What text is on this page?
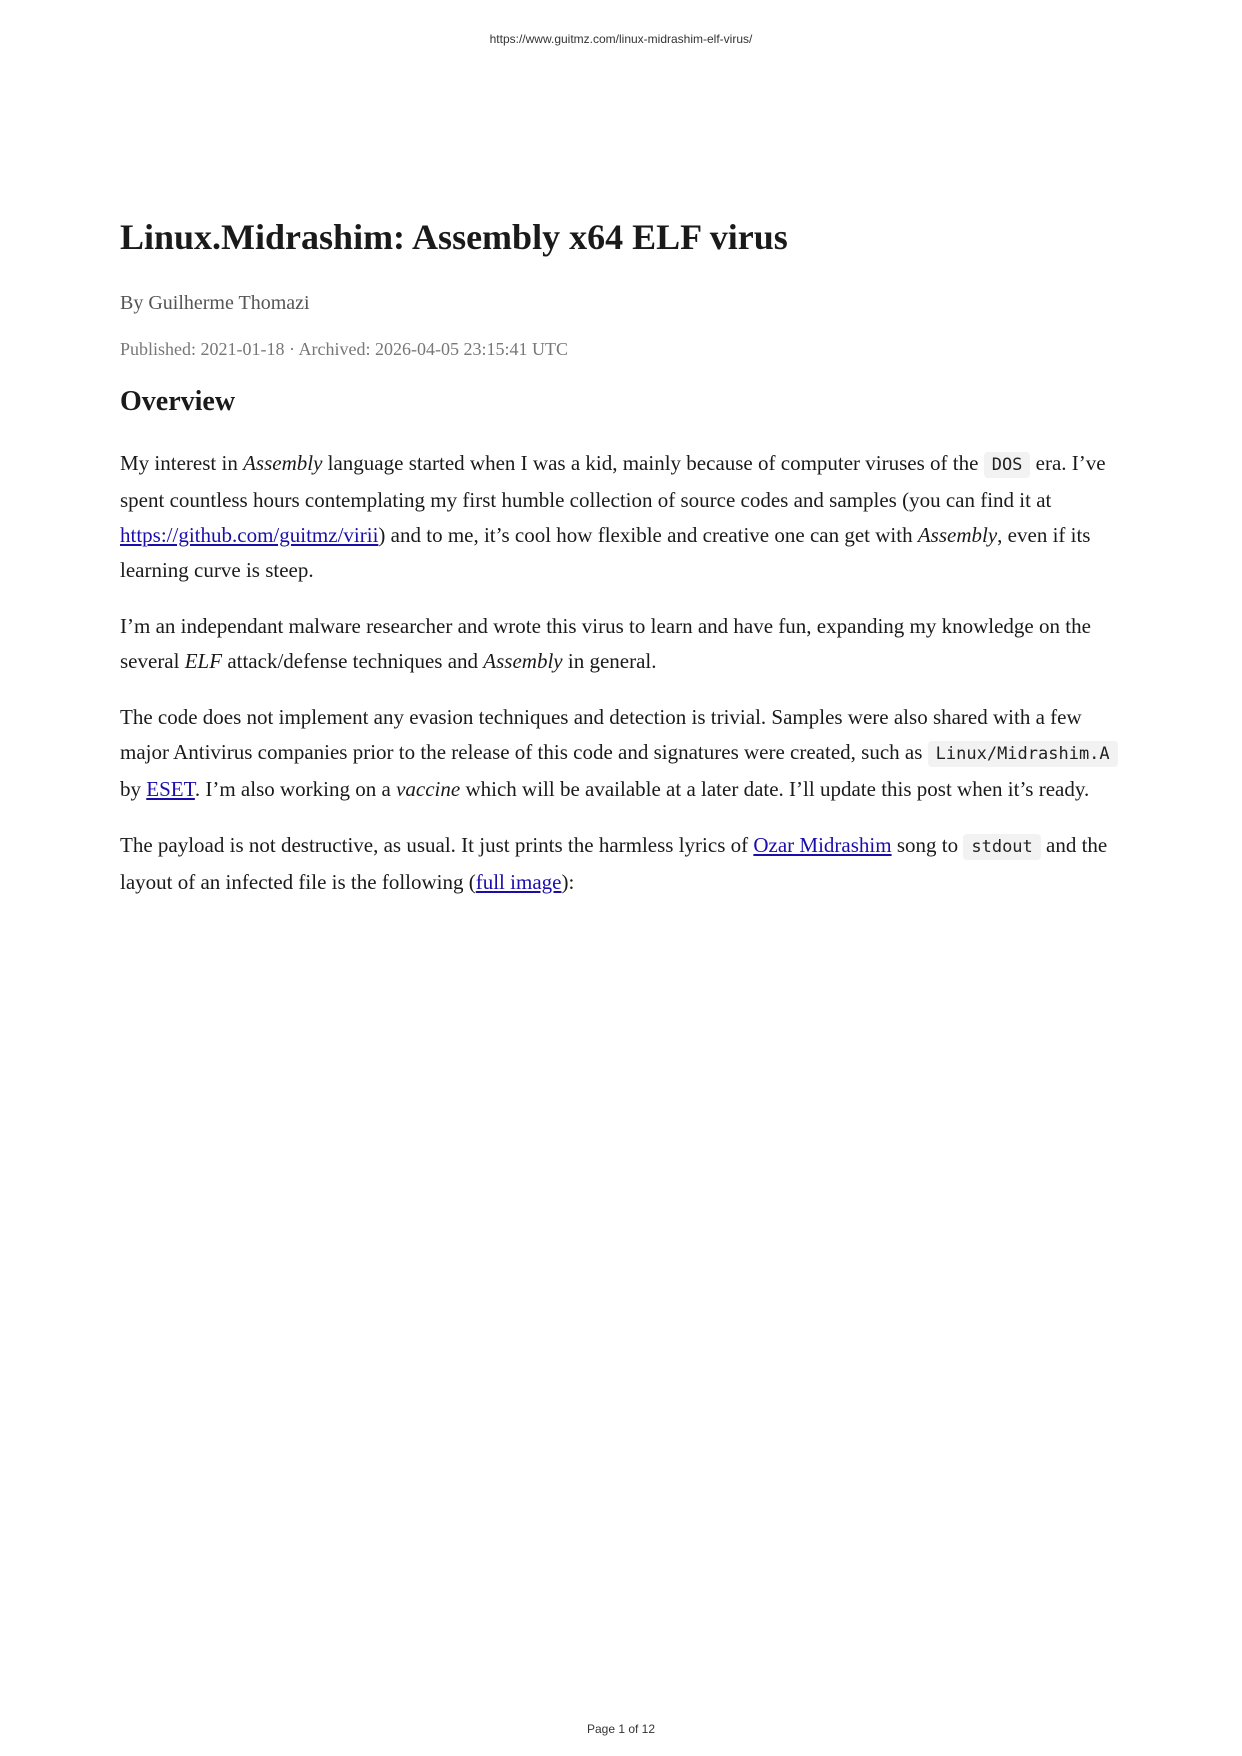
https://www.guitmz.com/linux-midrashim-elf-virus/
Linux.Midrashim: Assembly x64 ELF virus
By Guilherme Thomazi
Published: 2021-01-18 · Archived: 2026-04-05 23:15:41 UTC
Overview

My interest in Assembly language started when I was a kid, mainly because of computer viruses of the DOS era. I’ve spent countless hours contemplating my first humble collection of source codes and samples (you can find it at https://github.com/guitmz/virii) and to me, it’s cool how flexible and creative one can get with Assembly, even if its learning curve is steep.

I’m an independant malware researcher and wrote this virus to learn and have fun, expanding my knowledge on the several ELF attack/defense techniques and Assembly in general.

The code does not implement any evasion techniques and detection is trivial. Samples were also shared with a few major Antivirus companies prior to the release of this code and signatures were created, such as Linux/Midrashim.A by ESET. I’m also working on a vaccine which will be available at a later date. I’ll update this post when it’s ready.

The payload is not destructive, as usual. It just prints the harmless lyrics of Ozar Midrashim song to stdout and the layout of an infected file is the following (full image):

Page 1 of 12
